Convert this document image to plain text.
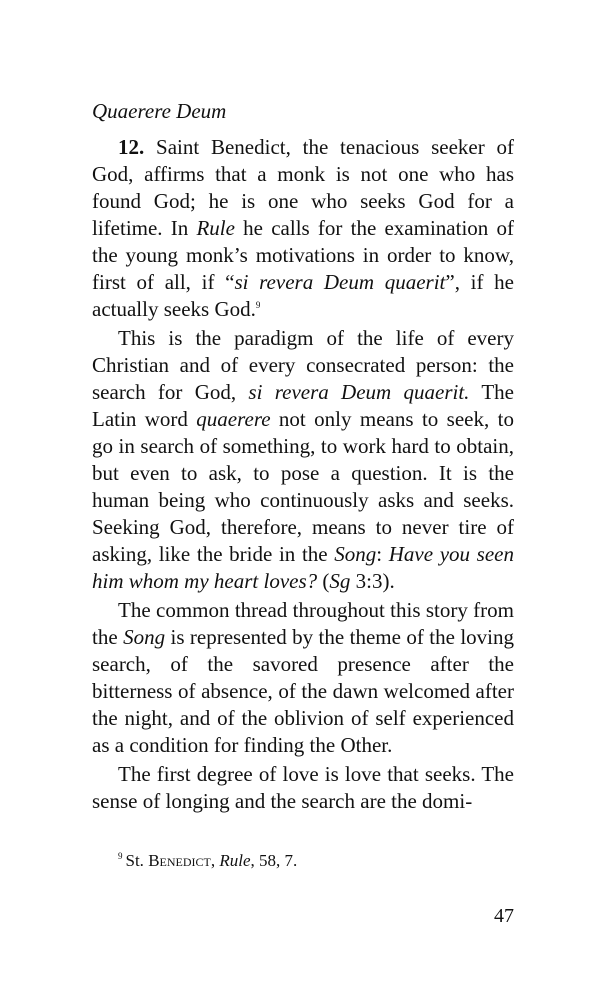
Quaerere Deum

12. Saint Benedict, the tenacious seeker of God, affirms that a monk is not one who has found God; he is one who seeks God for a lifetime. In Rule he calls for the examination of the young monk’s motivations in order to know, first of all, if “si revera Deum quaerit”, if he actually seeks God.$^9$

This is the paradigm of the life of every Christian and of every consecrated person: the search for God, si revera Deum quaerit. The Latin word quaerere not only means to seek, to go in search of something, to work hard to obtain, but even to ask, to pose a question. It is the human being who continuously asks and seeks. Seeking God, therefore, means to never tire of asking, like the bride in the Song: Have you seen him whom my heart loves? (Sg 3:3).

The common thread throughout this story from the Song is represented by the theme of the loving search, of the savored presence after the bitterness of absence, of the dawn welcomed after the night, and of the oblivion of self experienced as a condition for finding the Other.

The first degree of love is love that seeks. The sense of longing and the search are the domi-

$^9$ St. Benedict, Rule, 58, 7.
47
